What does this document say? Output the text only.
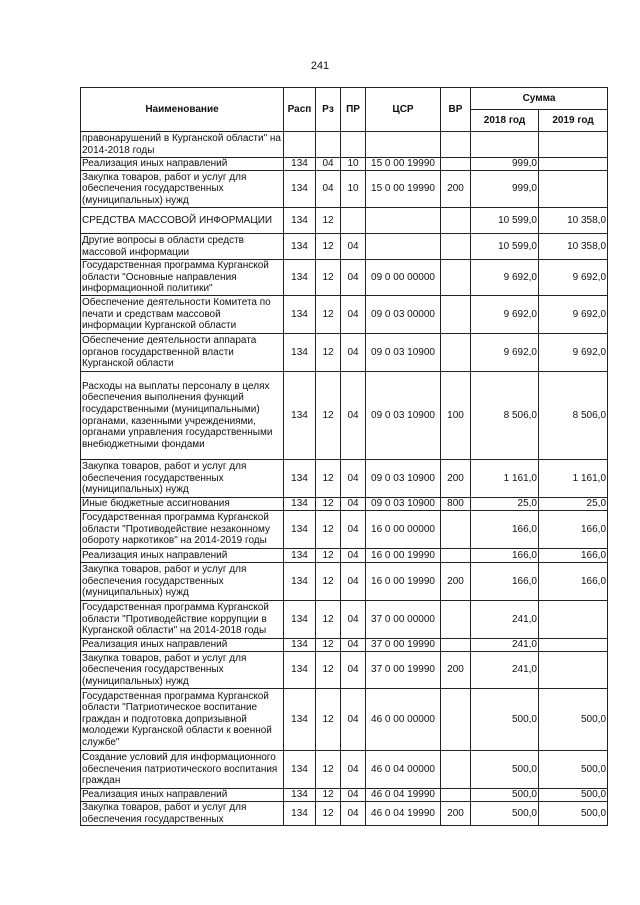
241
Наименование	Расп	Рз	ПР	ЦСР	ВР	Сумма	
						2018 год	2019 год
правонарушений в Курганской области" на 2014-2018 годы							
Реализация иных направлений	134	04	10	15 0 00 19990		999,0	
Закупка товаров, работ и услуг для обеспечения государственных (муниципальных) нужд	134	04	10	15 0 00 19990	200	999,0	
СРЕДСТВА МАССОВОЙ ИНФОРМАЦИИ	134	12				10 599,0	10 358,0
Другие вопросы в области средств массовой информации	134	12	04			10 599,0	10 358,0
Государственная программа Курганской области "Основные направления информационной политики"	134	12	04	09 0 00 00000		9 692,0	9 692,0
Обеспечение деятельности Комитета по печати и средствам массовой информации Курганской области	134	12	04	09 0 03 00000		9 692,0	9 692,0
Обеспечение деятельности аппарата органов государственной власти Курганской области	134	12	04	09 0 03 10900		9 692,0	9 692,0
Расходы на выплаты персоналу в целях обеспечения выполнения функций государственными (муниципальными) органами, казенными учреждениями, органами управления государственными внебюджетными фондами	134	12	04	09 0 03 10900	100	8 506,0	8 506,0
Закупка товаров, работ и услуг для обеспечения государственных (муниципальных) нужд	134	12	04	09 0 03 10900	200	1 161,0	1 161,0
Иные бюджетные ассигнования	134	12	04	09 0 03 10900	800	25,0	25,0
Государственная программа Курганской области "Противодействие незаконному обороту наркотиков" на 2014-2019 годы	134	12	04	16 0 00 00000		166,0	166,0
Реализация иных направлений	134	12	04	16 0 00 19990		166,0	166,0
Закупка товаров, работ и услуг для обеспечения государственных (муниципальных) нужд	134	12	04	16 0 00 19990	200	166,0	166,0
Государственная программа Курганской области "Противодействие коррупции в Курганской области" на 2014-2018 годы	134	12	04	37 0 00 00000		241,0	
Реализация иных направлений	134	12	04	37 0 00 19990		241,0	
Закупка товаров, работ и услуг для обеспечения государственных (муниципальных) нужд	134	12	04	37 0 00 19990	200	241,0	
Государственная программа Курганской области "Патриотическое воспитание граждан и подготовка допризывной молодежи Курганской области к военной службе"	134	12	04	46 0 00 00000		500,0	500,0
Создание условий для информационного обеспечения патриотического воспитания граждан	134	12	04	46 0 04 00000		500,0	500,0
Реализация иных направлений	134	12	04	46 0 04 19990		500,0	500,0
Закупка товаров, работ и услуг для обеспечения государственных	134	12	04	46 0 04 19990	200	500,0	500,0
